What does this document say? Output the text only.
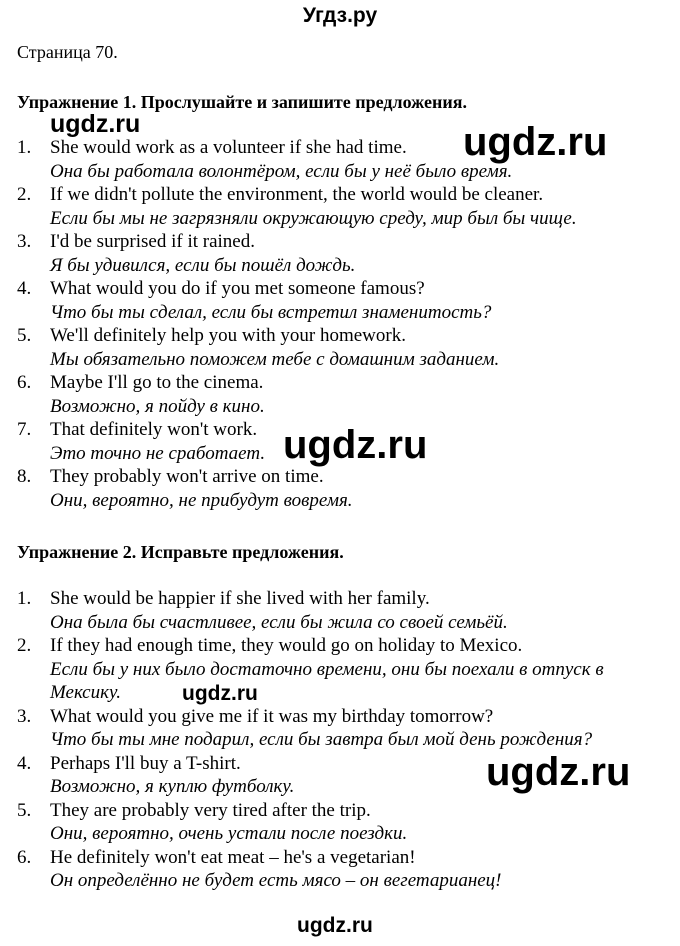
Угдз.ру
Страница 70.
Упражнение 1. Прослушайте и запишите предложения.
1. She would work as a volunteer if she had time.
Она бы работала волонтёром, если бы у неё было время.
2. If we didn't pollute the environment, the world would be cleaner.
Если бы мы не загрязняли окружающую среду, мир был бы чище.
3. I'd be surprised if it rained.
Я бы удивился, если бы пошёл дождь.
4. What would you do if you met someone famous?
Что бы ты сделал, если бы встретил знаменитость?
5. We'll definitely help you with your homework.
Мы обязательно поможем тебе с домашним заданием.
6. Maybe I'll go to the cinema.
Возможно, я пойду в кино.
7. That definitely won't work.
Это точно не сработает.
8. They probably won't arrive on time.
Они, вероятно, не прибудут вовремя.
Упражнение 2. Исправьте предложения.
1. She would be happier if she lived with her family.
Она была бы счастливее, если бы жила со своей семьёй.
2. If they had enough time, they would go on holiday to Mexico.
Если бы у них было достаточно времени, они бы поехали в отпуск в Мексику.
3. What would you give me if it was my birthday tomorrow?
Что бы ты мне подарил, если бы завтра был мой день рождения?
4. Perhaps I'll buy a T-shirt.
Возможно, я куплю футболку.
5. They are probably very tired after the trip.
Они, вероятно, очень устали после поездки.
6. He definitely won't eat meat – he's a vegetarian!
Он определённо не будет есть мясо – он вегетарианец!
ugdz.ru	ugdz.ru
ugdz.ru
ugdz.ru
ugdz.ru
ugdz.ru
